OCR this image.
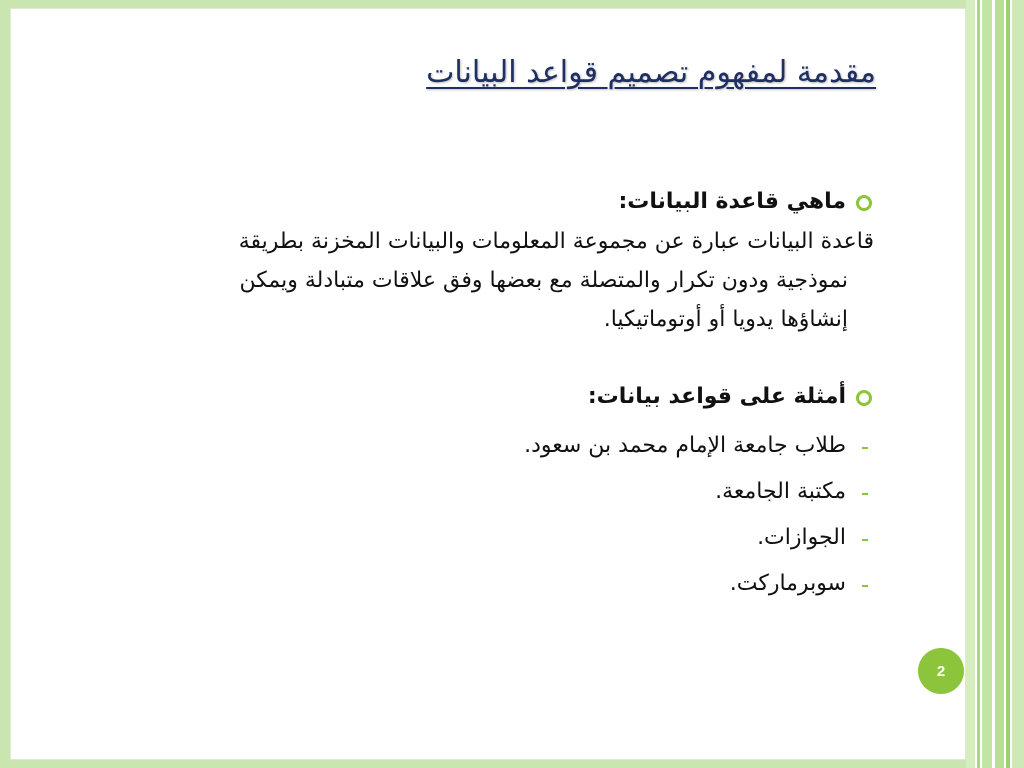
مقدمة لمفهوم تصميم قواعد البيانات
ماهي قاعدة البيانات:

قاعدة البيانات عبارة عن مجموعة المعلومات والبيانات المخزنة بطريقة
نموذجية ودون تكرار والمتصلة مع بعضها وفق علاقات متبادلة ويمكن
إنشاؤها يدويا أو أوتوماتيكيا.

أمثلة على قواعد بيانات:
طلاب جامعة الإمام محمد بن سعود.
مكتبة الجامعة.
الجوازات.
سوبرماركت.
2
